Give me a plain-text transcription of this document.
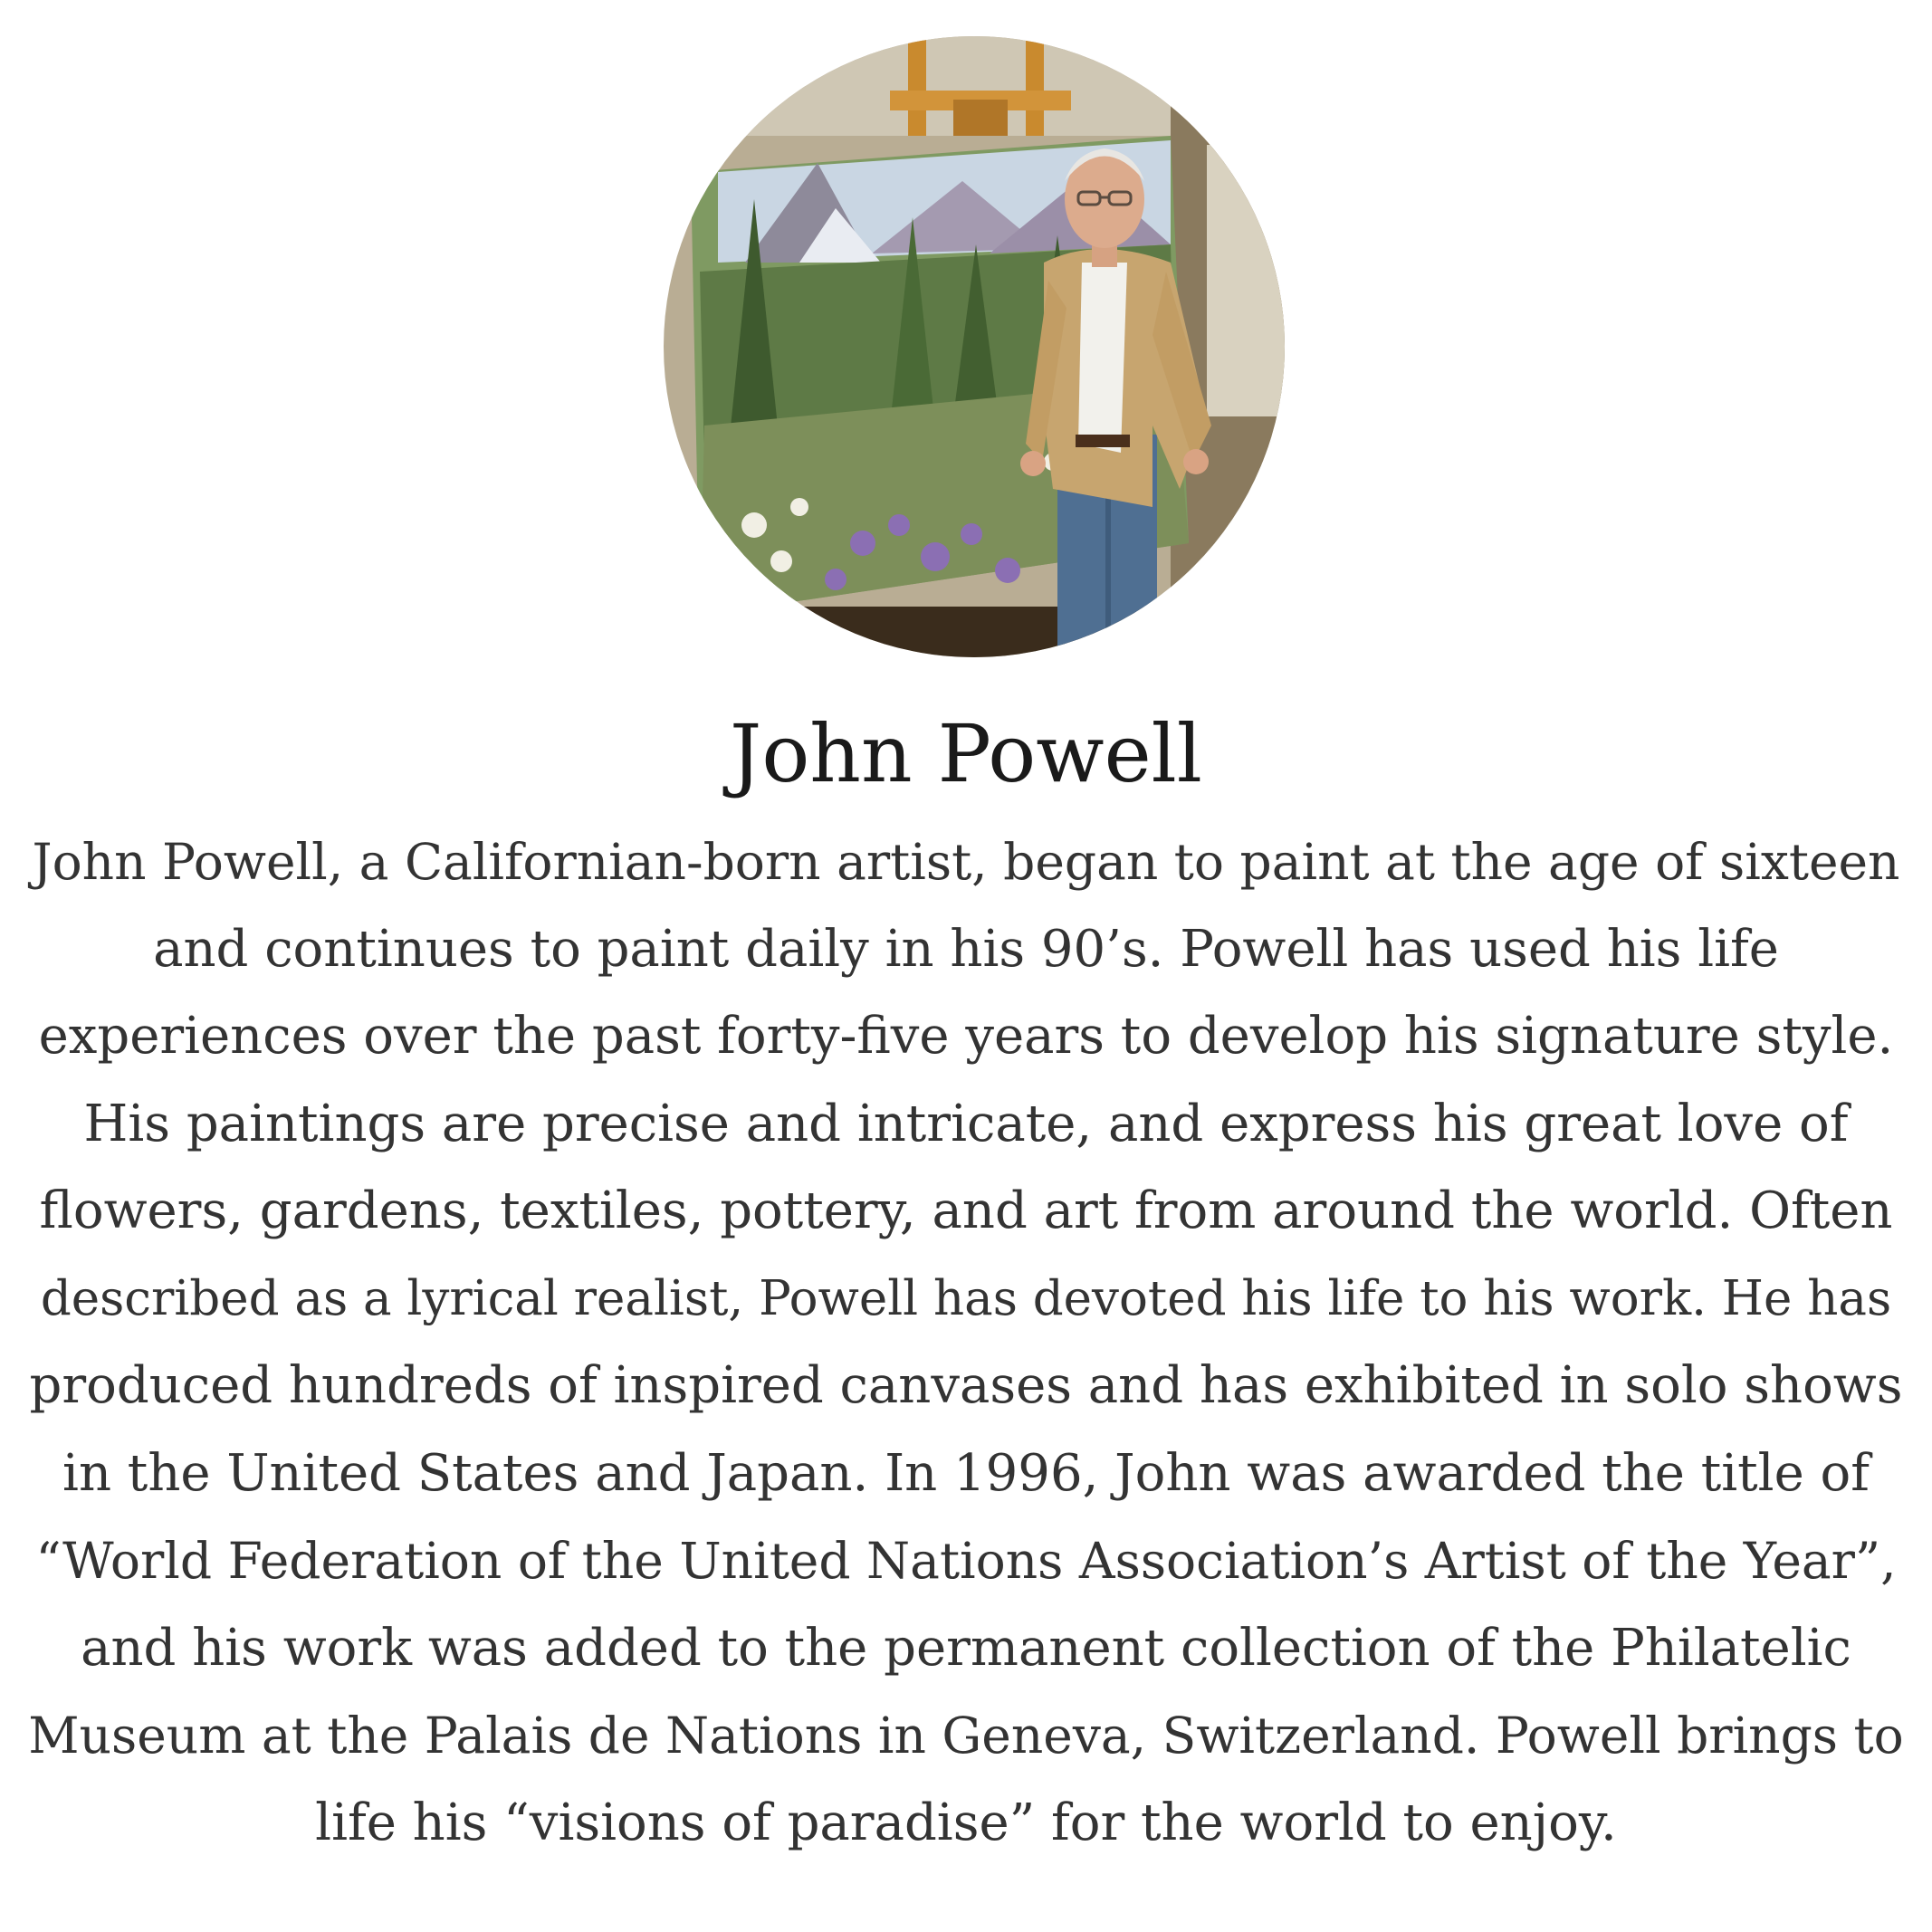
John Powell
John Powell, a Californian-born artist, began to paint at the age of sixteen
and continues to paint daily in his 90’s. Powell has used his life
experiences over the past forty-five years to develop his signature style.
His paintings are precise and intricate, and express his great love of
flowers, gardens, textiles, pottery, and art from around the world. Often
described as a lyrical realist, Powell has devoted his life to his work. He has
produced hundreds of inspired canvases and has exhibited in solo shows
in the United States and Japan. In 1996, John was awarded the title of
“World Federation of the United Nations Association’s Artist of the Year”,
and his work was added to the permanent collection of the Philatelic
Museum at the Palais de Nations in Geneva, Switzerland. Powell brings to
life his “visions of paradise” for the world to enjoy.
